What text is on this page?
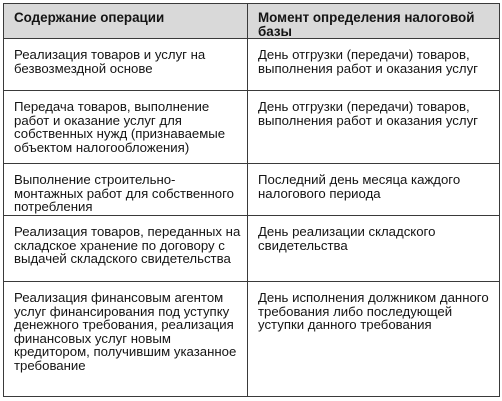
Содержание операции	Момент определения налоговой базы
Реализация товаров и услуг на безвозмездной основе	День отгрузки (передачи) товаров, выполнения работ и оказания услуг
Передача товаров, выполнение работ и оказание услуг для собственных нужд (признаваемые объектом налогообложения)	День отгрузки (передачи) товаров, выполнения работ и оказания услуг
Выполнение строительно-монтажных работ для собственного потребления	Последний день месяца каждого налогового периода
Реализация товаров, переданных на складское хранение по договору с выдачей складского свидетельства	День реализации складского свидетельства
Реализация финансовым агентом услуг финансирования под уступку денежного требования, реализация финансовых услуг новым кредитором, получившим указанное требование	День исполнения должником данного требования либо последующей уступки данного требования
